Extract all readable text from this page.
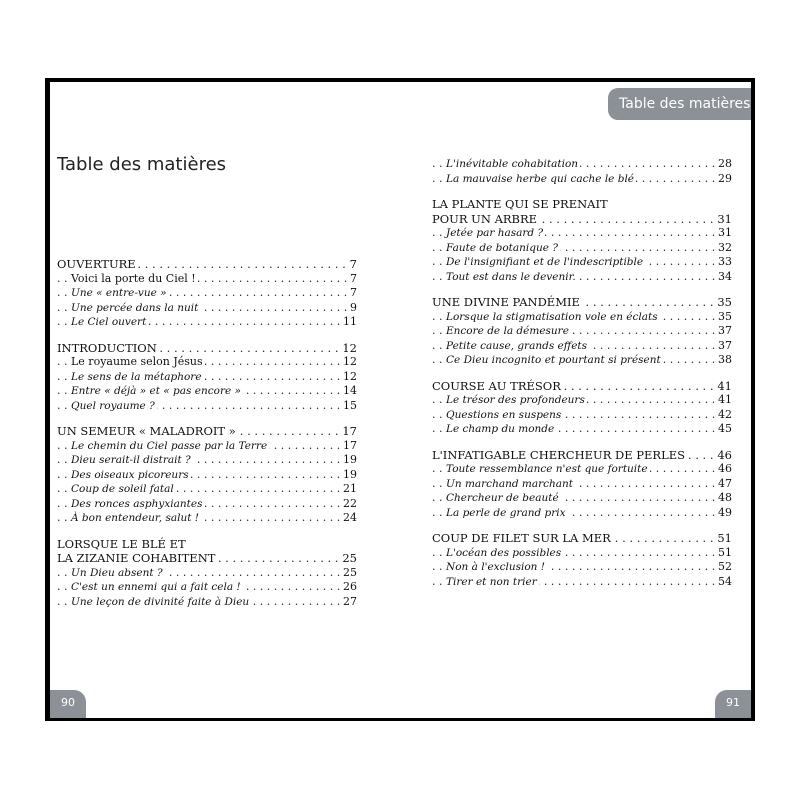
Table des matières
. . . OUVERTURE	7
. . . Voici la porte du Ciel !	7
. . . Une « entre-vue »	7
. . . Une percée dans la nuit	9
. . . Le Ciel ouvert	11
. . . INTRODUCTION	12
. . . Le royaume selon Jésus	12
. . . Le sens de la métaphore	12
. . . Entre « déjà » et « pas encore »	14
. . . Quel royaume ?	15
. . . UN SEMEUR « MALADROIT »	17
. . . Le chemin du Ciel passe par la Terre	17
. . . Dieu serait-il distrait ?	19
. . . Des oiseaux picoreurs	19
. . . Coup de soleil fatal	21
. . . Des ronces asphyxiantes	22
. . . À bon entendeur, salut !	24
LORSQUE LE BLÉ ET
. . . LA ZIZANIE COHABITENT	25
. . . Un Dieu absent ?	25
. . . C'est un ennemi qui a fait cela !	26
. . . Une leçon de divinité faite à Dieu	27
90
Table des matières
. . . L'inévitable cohabitation	28
. . . La mauvaise herbe qui cache le blé	29
LA PLANTE QUI SE PRENAIT
. . . POUR UN ARBRE	31
. . . Jetée par hasard ?	31
. . . Faute de botanique ?	32
. . . De l'insignifiant et de l'indescriptible	33
. . . Tout est dans le devenir.	34
. . . UNE DIVINE PANDÉMIE	35
. . . Lorsque la stigmatisation vole en éclats	35
. . . Encore de la démesure	37
. . . Petite cause, grands effets	37
. . . Ce Dieu incognito et pourtant si présent	38
. . . COURSE AU TRÉSOR	41
. . . Le trésor des profondeurs	41
. . . Questions en suspens	42
. . . Le champ du monde	45
. . . L'INFATIGABLE CHERCHEUR DE PERLES	46
. . . Toute ressemblance n'est que fortuite	46
. . . Un marchand marchant	47
. . . Chercheur de beauté	48
. . . La perle de grand prix	49
. . . COUP DE FILET SUR LA MER	51
. . . L'océan des possibles	51
. . . Non à l'exclusion !	52
. . . Tirer et non trier	54
91
